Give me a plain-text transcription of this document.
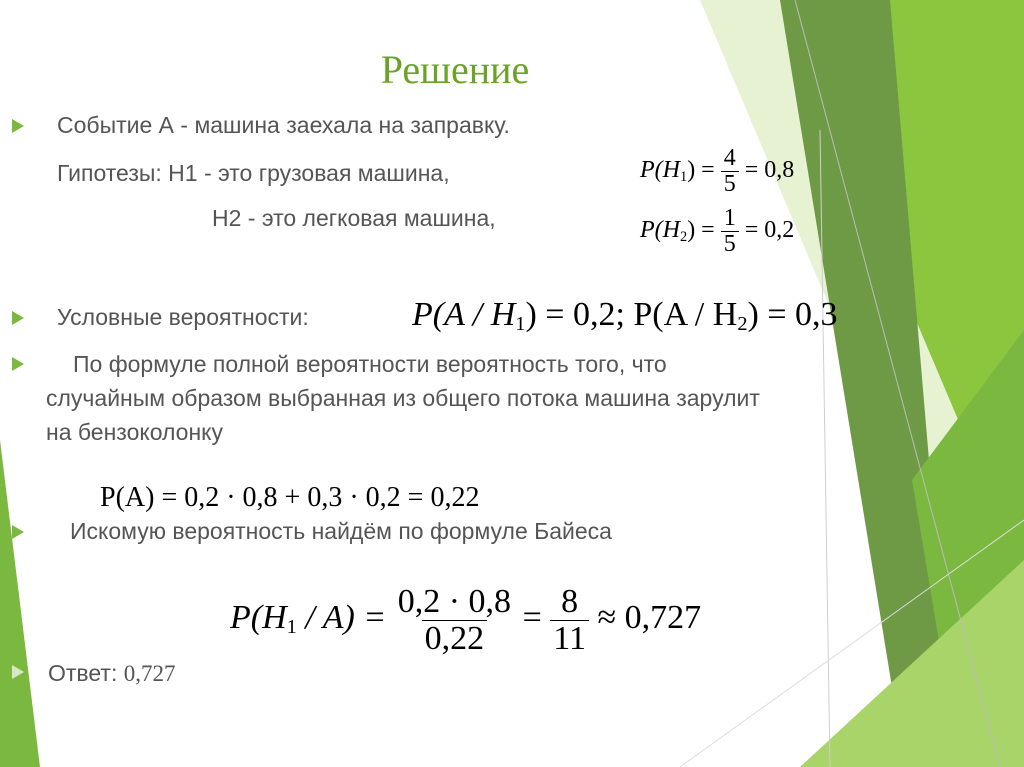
Решение
Событие А - машина заехала на заправку.
Гипотезы: Н1 - это грузовая машина,
Н2 - это легковая машина,
$P(H_1) = \frac{4}{5} = 0,8$
$P(H_2) = \frac{1}{5} = 0,2$
Условные вероятности:	$P(A / H_1) = 0,2$; $P(A / H_2) = 0,3$
По формуле полной вероятности вероятность того, что
случайным образом выбранная из общего потока машина зарулит
на бензоколонку
P(A) = 0,2 · 0,8 + 0,3 · 0,2 = 0,22
Искомую вероятность найдём по формуле Байеса
$P(H_1 / A) = \frac{0,2 \cdot 0,8}{0,22} = \frac{8}{11} \approx 0,727$
Ответ: 0,727
